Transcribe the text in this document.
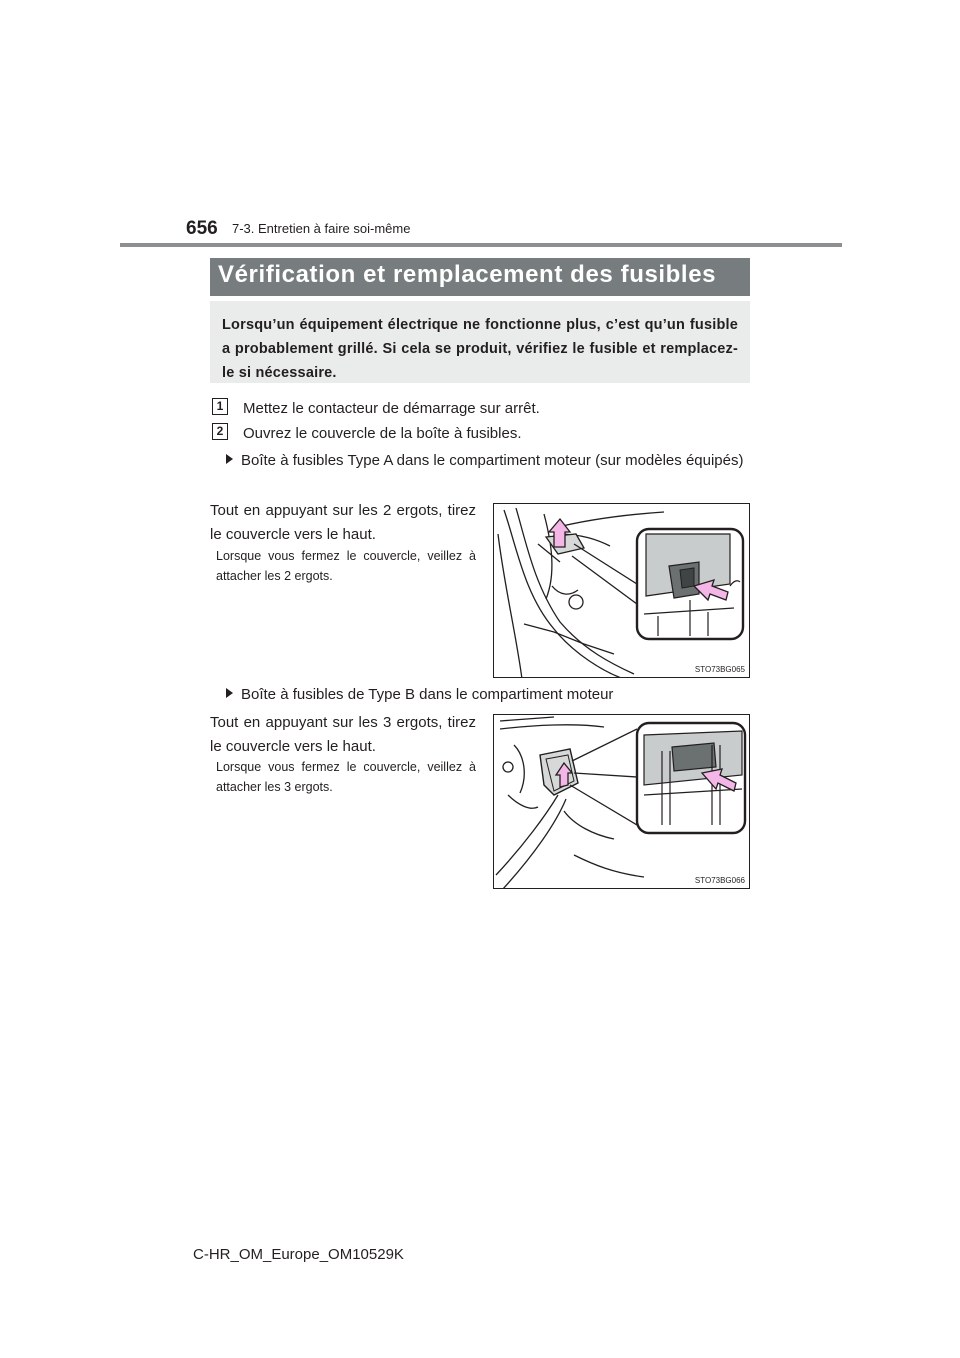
656 7-3. Entretien à faire soi-même
Vérification et remplacement des fusibles
Lorsqu’un équipement électrique ne fonctionne plus, c’est qu’un fusible a probablement grillé. Si cela se produit, vérifiez le fusible et remplacez-le si nécessaire.
1	Mettez le contacteur de démarrage sur arrêt.
2	Ouvrez le couvercle de la boîte à fusibles.
Boîte à fusibles Type A dans le compartiment moteur (sur modèles équipés)
Tout en appuyant sur les 2 ergots, tirez le couvercle vers le haut.
Lorsque vous fermez le couvercle, veillez à attacher les 2 ergots.
STO73BG065
Boîte à fusibles de Type B dans le compartiment moteur
Tout en appuyant sur les 3 ergots, tirez le couvercle vers le haut.
Lorsque vous fermez le couvercle, veillez à attacher les 3 ergots.
STO73BG066
C-HR_OM_Europe_OM10529K
